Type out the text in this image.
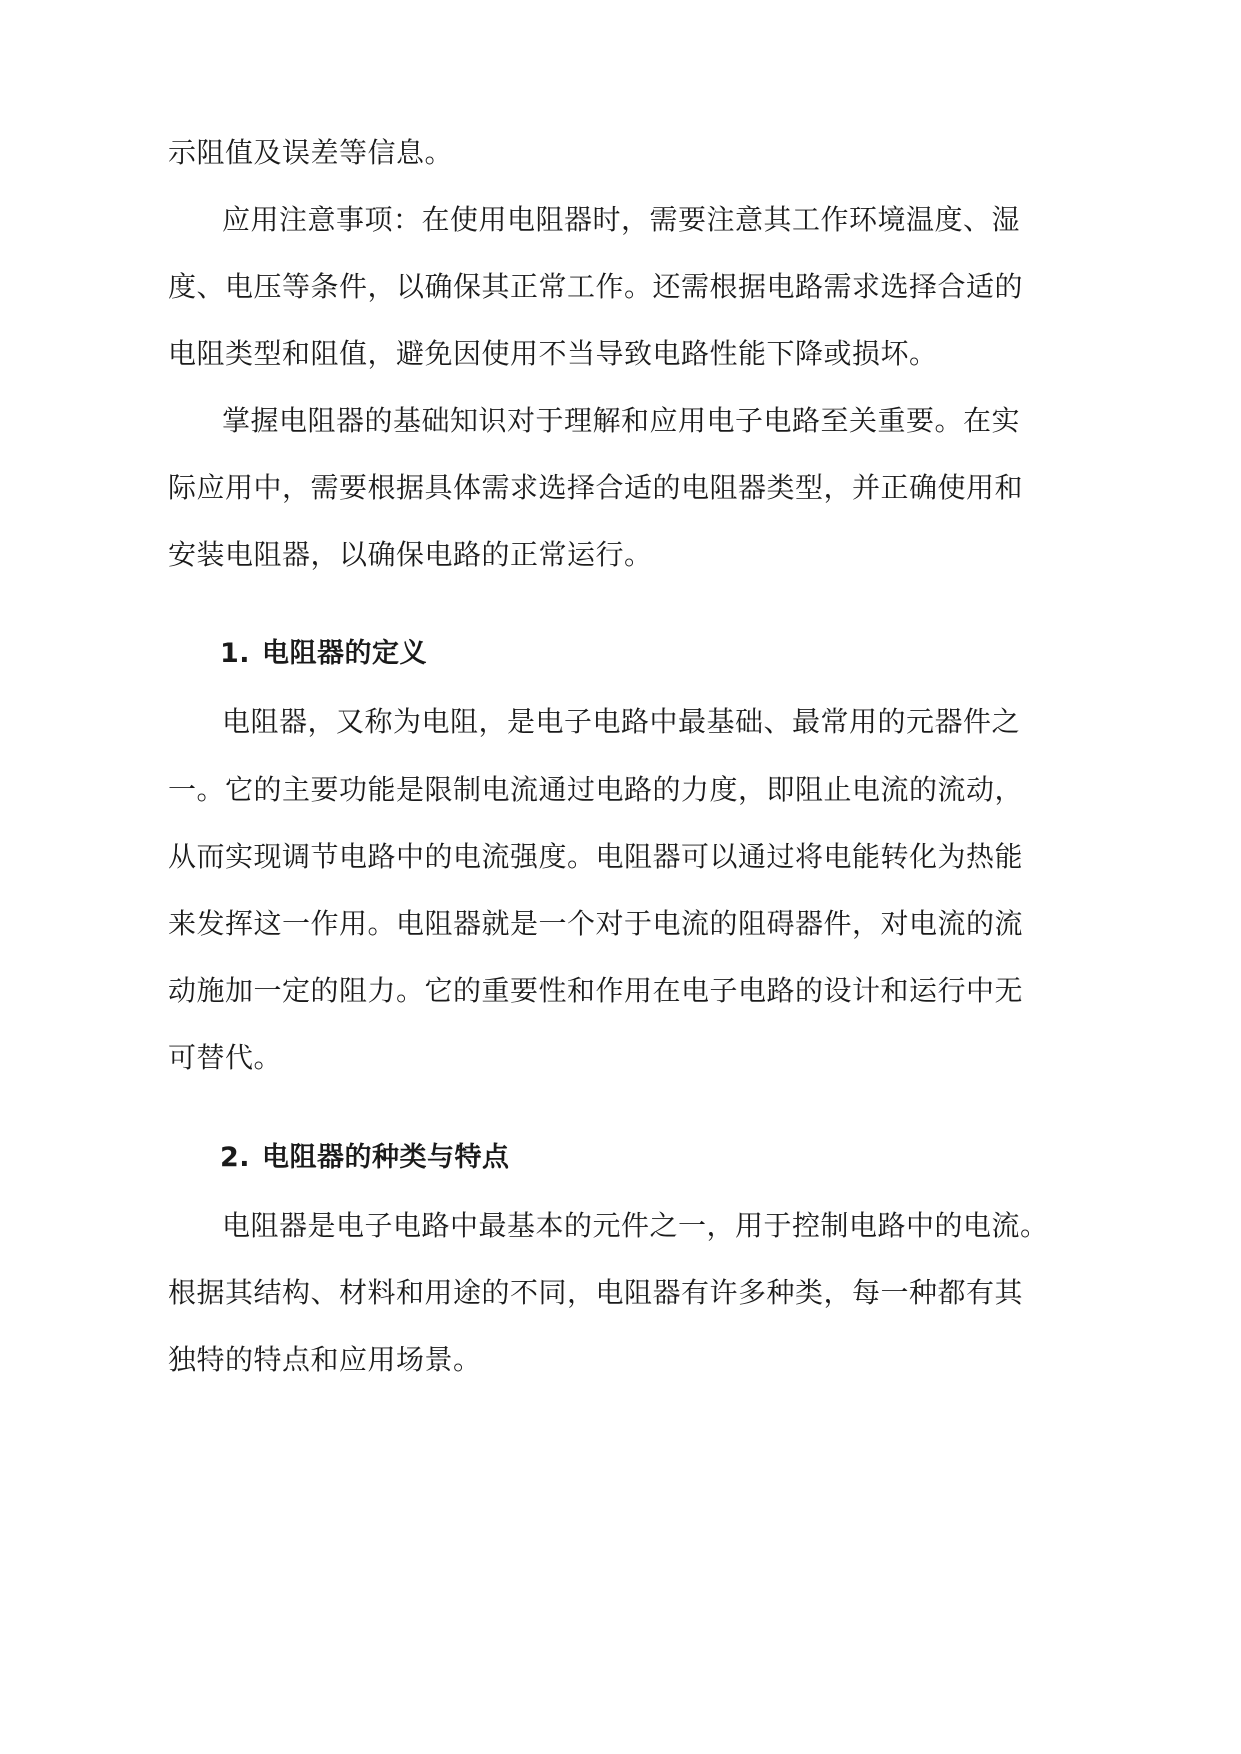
示阻值及误差等信息。
应用注意事项：在使用电阻器时，需要注意其工作环境温度、湿
度、电压等条件，以确保其正常工作。还需根据电路需求选择合适的
电阻类型和阻值，避免因使用不当导致电路性能下降或损坏。
掌握电阻器的基础知识对于理解和应用电子电路至关重要。在实
际应用中，需要根据具体需求选择合适的电阻器类型，并正确使用和
安装电阻器，以确保电路的正常运行。
1. 电阻器的定义
电阻器，又称为电阻，是电子电路中最基础、最常用的元器件之
一。它的主要功能是限制电流通过电路的力度，即阻止电流的流动，
从而实现调节电路中的电流强度。电阻器可以通过将电能转化为热能
来发挥这一作用。电阻器就是一个对于电流的阻碍器件，对电流的流
动施加一定的阻力。它的重要性和作用在电子电路的设计和运行中无
可替代。
2. 电阻器的种类与特点
电阻器是电子电路中最基本的元件之一，用于控制电路中的电流。
根据其结构、材料和用途的不同，电阻器有许多种类，每一种都有其
独特的特点和应用场景。
